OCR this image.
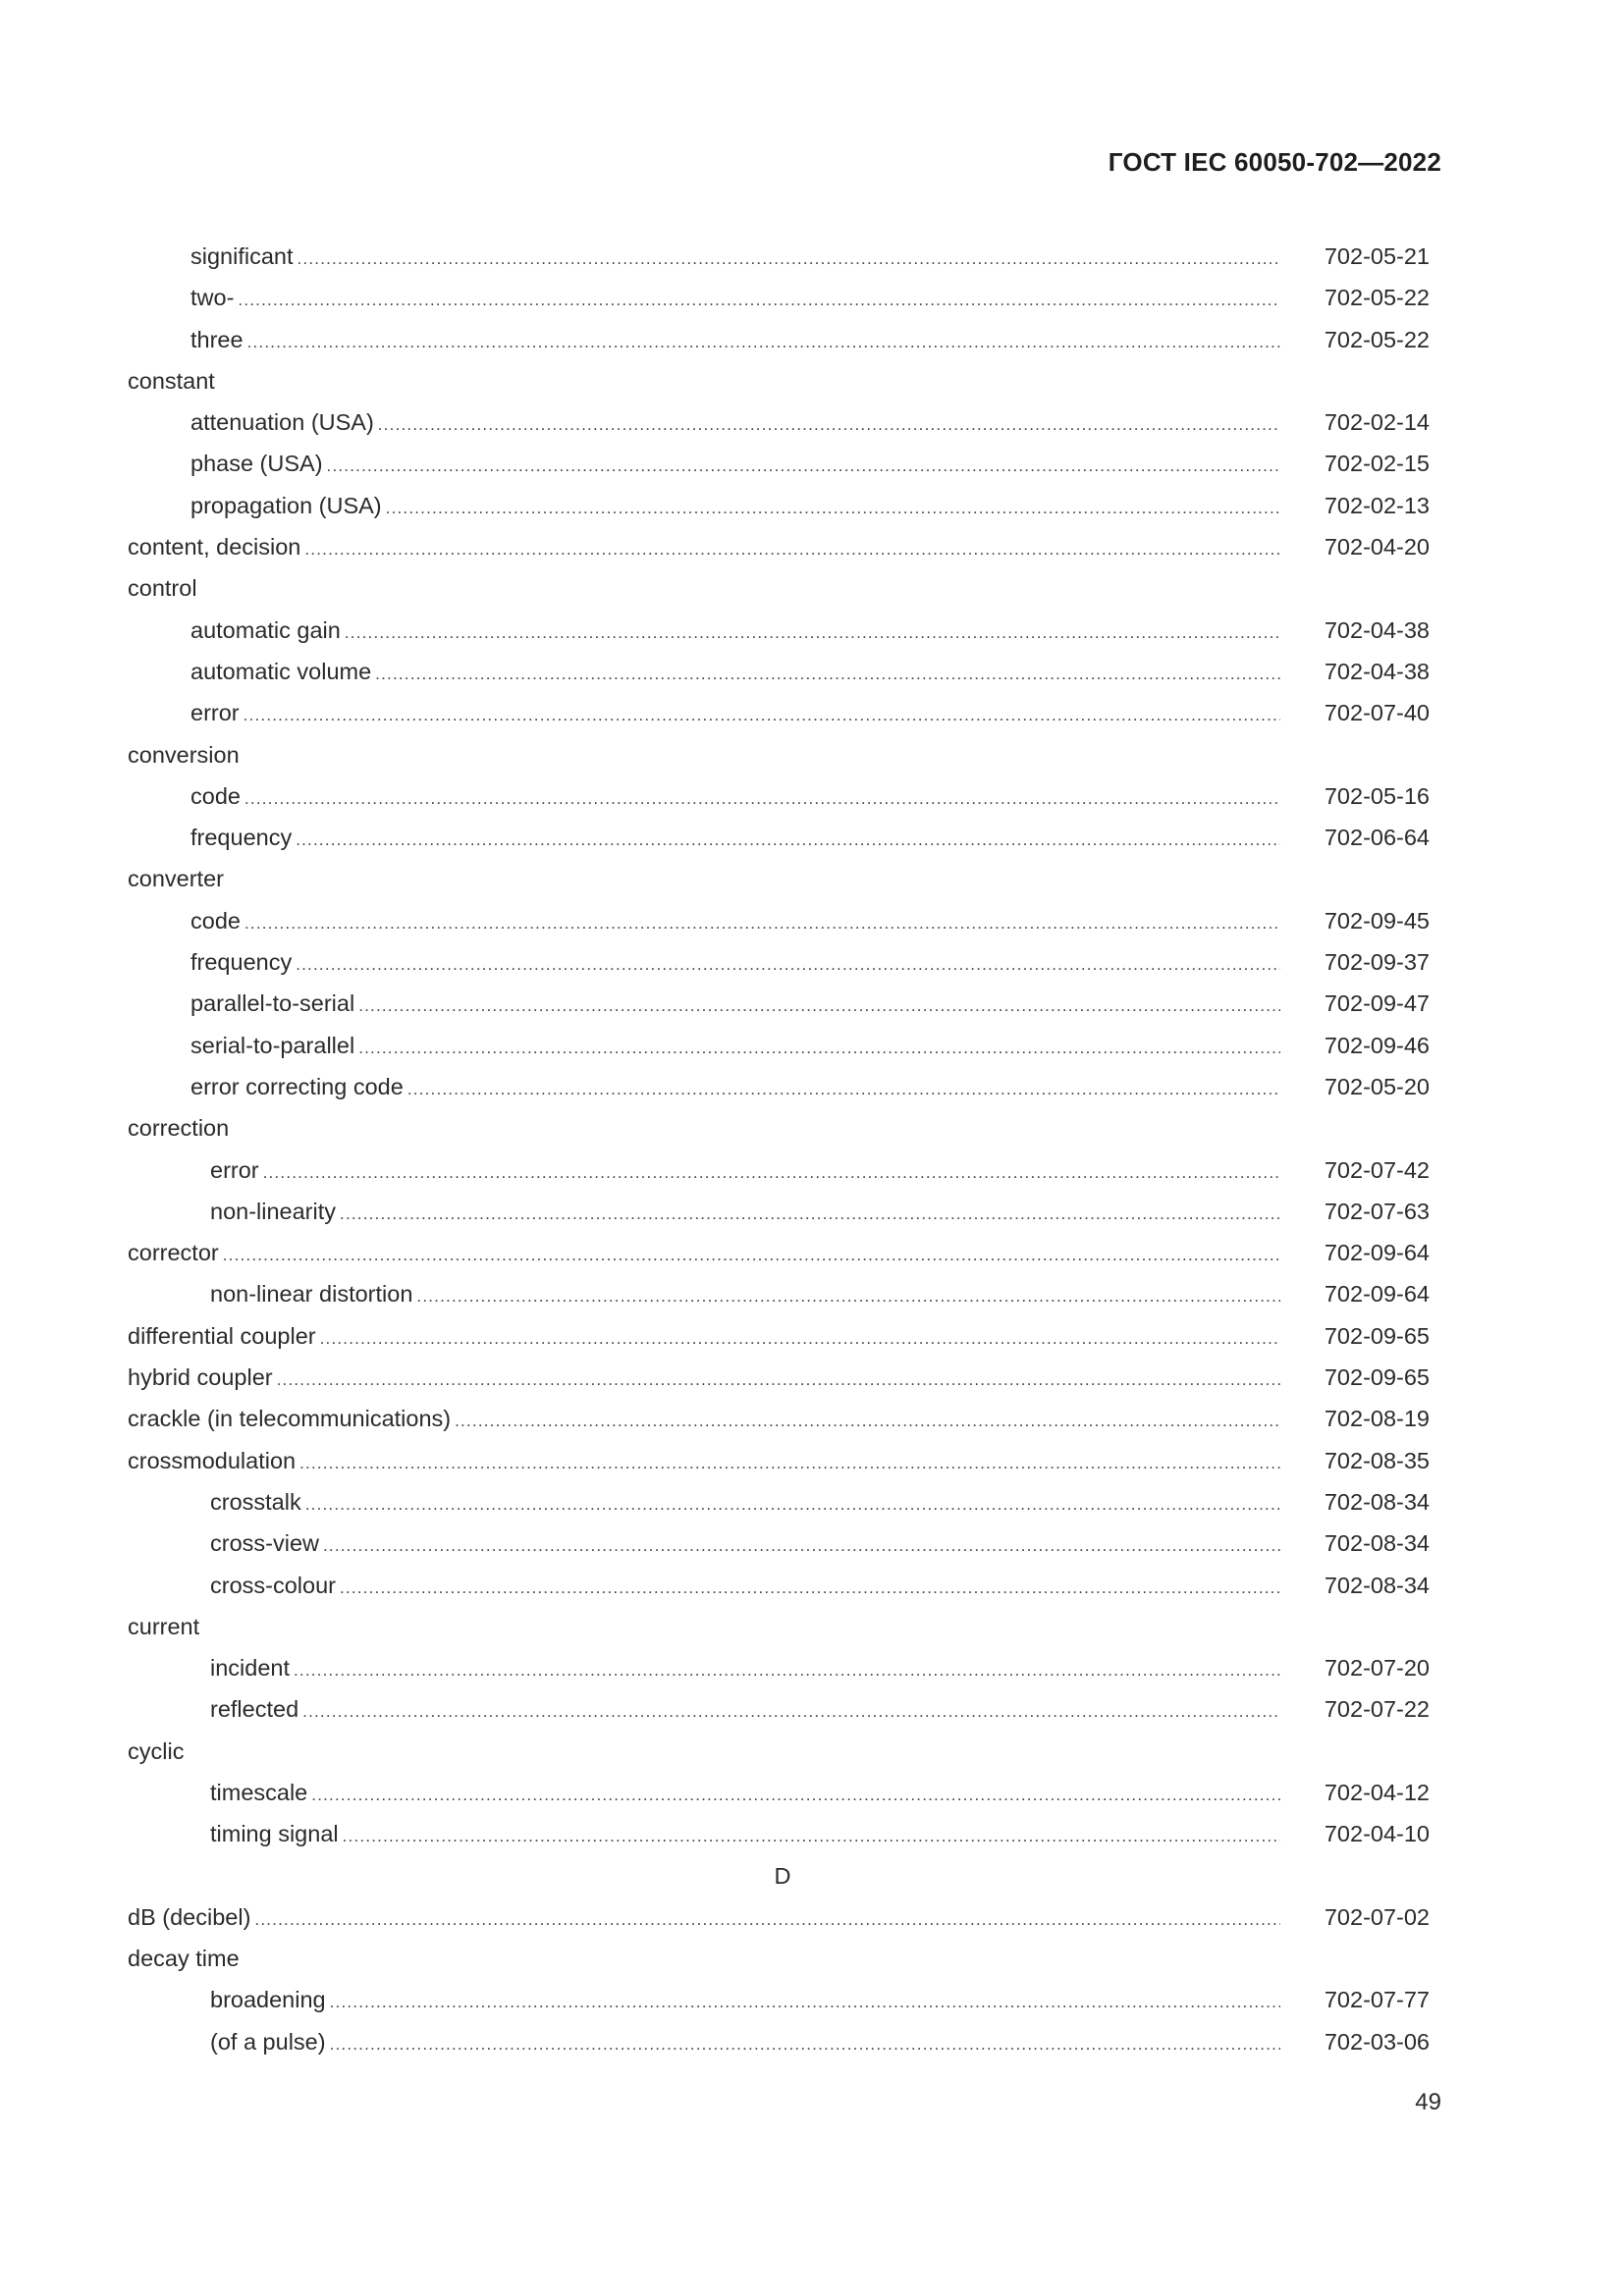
ГОСТ IEC 60050-702—2022
significant .....	702-05-21
two- .....	702-05-22
three .....	702-05-22
constant
attenuation (USA) .....	702-02-14
phase (USA) .....	702-02-15
propagation (USA) .....	702-02-13
content, decision .....	702-04-20
control
automatic gain .....	702-04-38
automatic volume .....	702-04-38
error .....	702-07-40
conversion
code .....	702-05-16
frequency .....	702-06-64
converter
code .....	702-09-45
frequency .....	702-09-37
parallel-to-serial .....	702-09-47
serial-to-parallel .....	702-09-46
error correcting code .....	702-05-20
correction
error .....	702-07-42
non-linearity .....	702-07-63
corrector .....	702-09-64
non-linear distortion .....	702-09-64
differential coupler .....	702-09-65
hybrid coupler .....	702-09-65
crackle (in telecommunications) .....	702-08-19
crossmodulation .....	702-08-35
crosstalk .....	702-08-34
cross-view .....	702-08-34
cross-colour .....	702-08-34
current
incident .....	702-07-20
reflected .....	702-07-22
cyclic
timescale .....	702-04-12
timing signal .....	702-04-10
D
dB (decibel) .....	702-07-02
decay time
broadening .....	702-07-77
(of a pulse) .....	702-03-06
49
